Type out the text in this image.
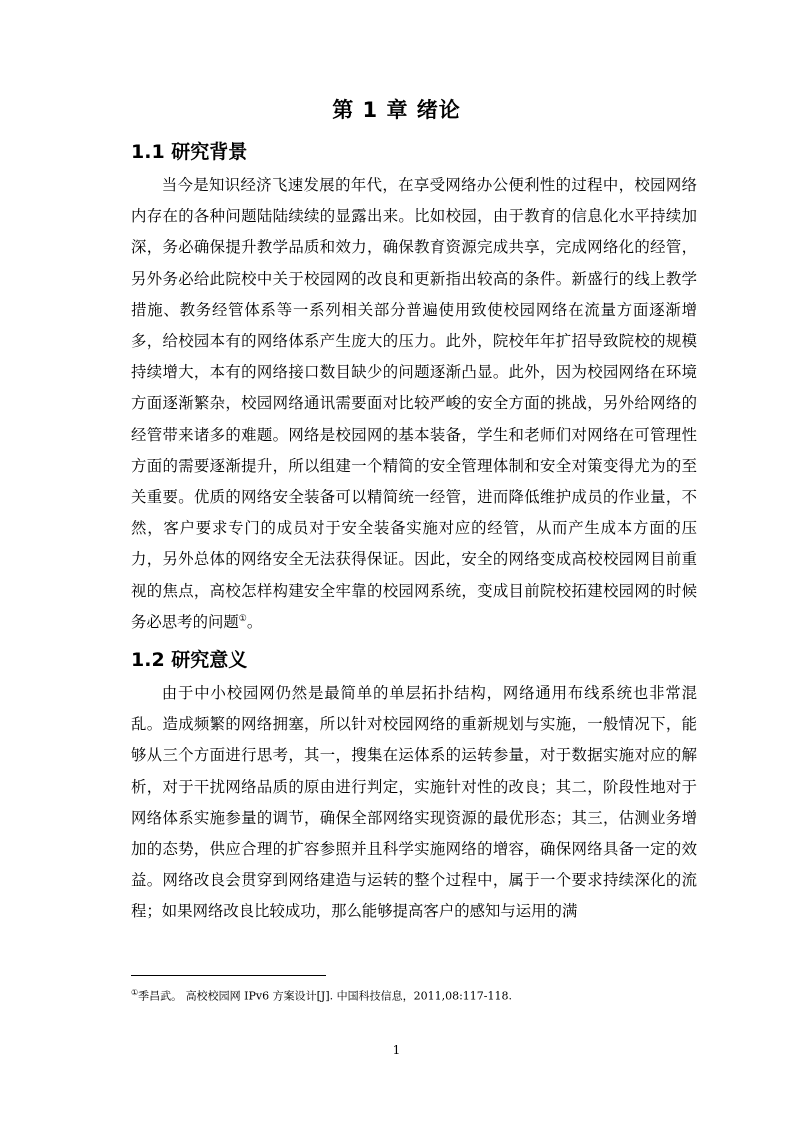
第 1 章 绪论
1.1 研究背景

当今是知识经济飞速发展的年代，在享受网络办公便利性的过程中，校园网络内存在的各种问题陆陆续续的显露出来。比如校园，由于教育的信息化水平持续加深，务必确保提升教学品质和效力，确保教育资源完成共享，完成网络化的经管，另外务必给此院校中关于校园网的改良和更新指出较高的条件。新盛行的线上教学措施、教务经管体系等一系列相关部分普遍使用致使校园网络在流量方面逐渐增多，给校园本有的网络体系产生庞大的压力。此外，院校年年扩招导致院校的规模持续增大，本有的网络接口数目缺少的问题逐渐凸显。此外，因为校园网络在环境方面逐渐繁杂，校园网络通讯需要面对比较严峻的安全方面的挑战，另外给网络的经管带来诸多的难题。网络是校园网的基本装备，学生和老师们对网络在可管理性方面的需要逐渐提升，所以组建一个精简的安全管理体制和安全对策变得尤为的至关重要。优质的网络安全装备可以精简统一经管，进而降低维护成员的作业量，不然，客户要求专门的成员对于安全装备实施对应的经管，从而产生成本方面的压力，另外总体的网络安全无法获得保证。因此，安全的网络变成高校校园网目前重视的焦点，高校怎样构建安全牢靠的校园网系统，变成目前院校拓建校园网的时候务必思考的问题①。

1.2 研究意义

由于中小校园网仍然是最简单的单层拓扑结构，网络通用布线系统也非常混乱。造成频繁的网络拥塞，所以针对校园网络的重新规划与实施，一般情况下，能够从三个方面进行思考，其一，搜集在运体系的运转参量，对于数据实施对应的解析，对于干扰网络品质的原由进行判定，实施针对性的改良；其二，阶段性地对于网络体系实施参量的调节，确保全部网络实现资源的最优形态；其三，估测业务增加的态势，供应合理的扩容参照并且科学实施网络的增容，确保网络具备一定的效益。网络改良会贯穿到网络建造与运转的整个过程中，属于一个要求持续深化的流程；如果网络改良比较成功，那么能够提高客户的感知与运用的满

①季昌武。 高校校园网 IPv6 方案设计[J]. 中国科技信息，2011,08:117-118.
1
